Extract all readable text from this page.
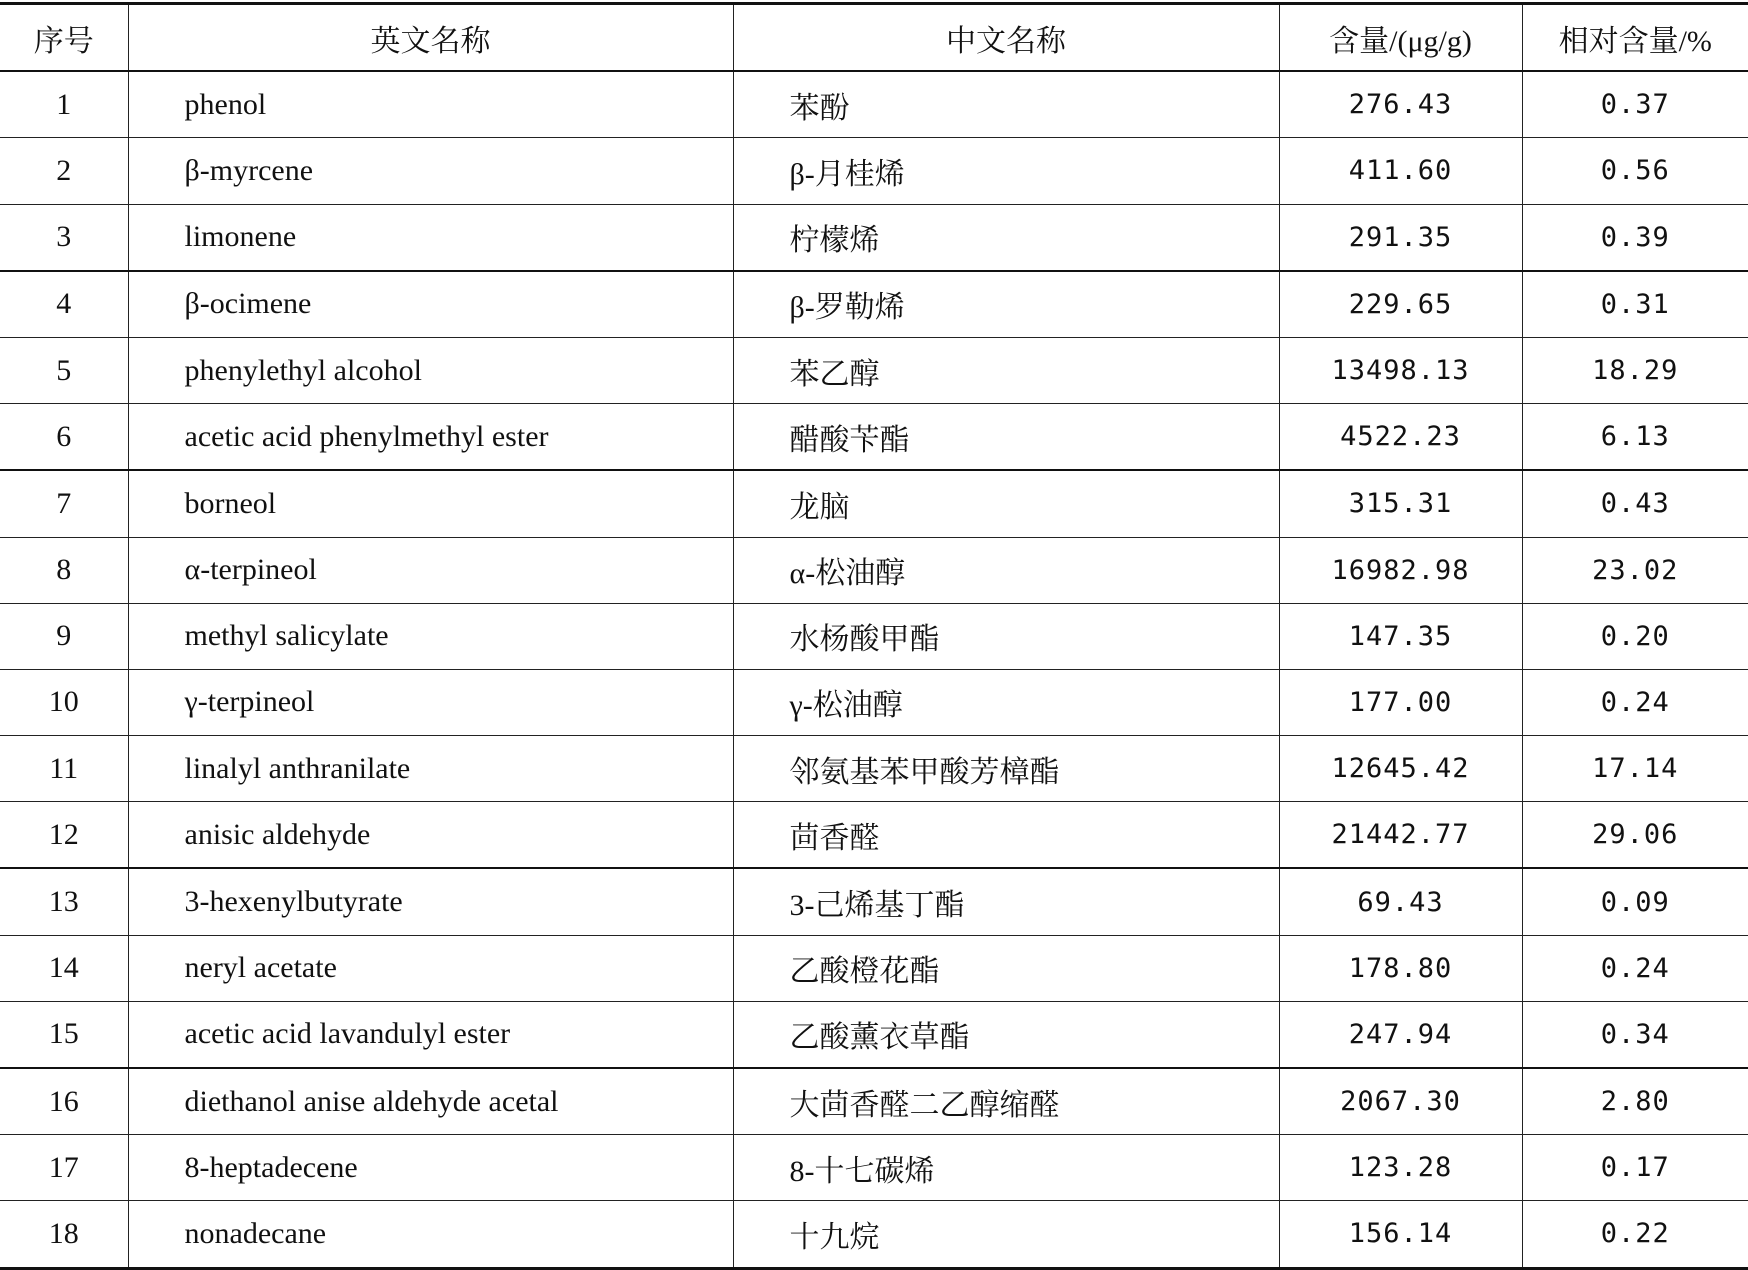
序号	英文名称	中文名称	含量/(μg/g)	相对含量/%
1	phenol	苯酚	276.43	0.37
2	β-myrcene	β-月桂烯	411.60	0.56
3	limonene	柠檬烯	291.35	0.39
4	β-ocimene	β-罗勒烯	229.65	0.31
5	phenylethyl alcohol	苯乙醇	13498.13	18.29
6	acetic acid phenylmethyl ester	醋酸苄酯	4522.23	6.13
7	borneol	龙脑	315.31	0.43
8	α-terpineol	α-松油醇	16982.98	23.02
9	methyl salicylate	水杨酸甲酯	147.35	0.20
10	γ-terpineol	γ-松油醇	177.00	0.24
11	linalyl anthranilate	邻氨基苯甲酸芳樟酯	12645.42	17.14
12	anisic aldehyde	茴香醛	21442.77	29.06
13	3-hexenylbutyrate	3-己烯基丁酯	69.43	0.09
14	neryl acetate	乙酸橙花酯	178.80	0.24
15	acetic acid lavandulyl ester	乙酸薰衣草酯	247.94	0.34
16	diethanol anise aldehyde acetal	大茴香醛二乙醇缩醛	2067.30	2.80
17	8-heptadecene	8-十七碳烯	123.28	0.17
18	nonadecane	十九烷	156.14	0.22
